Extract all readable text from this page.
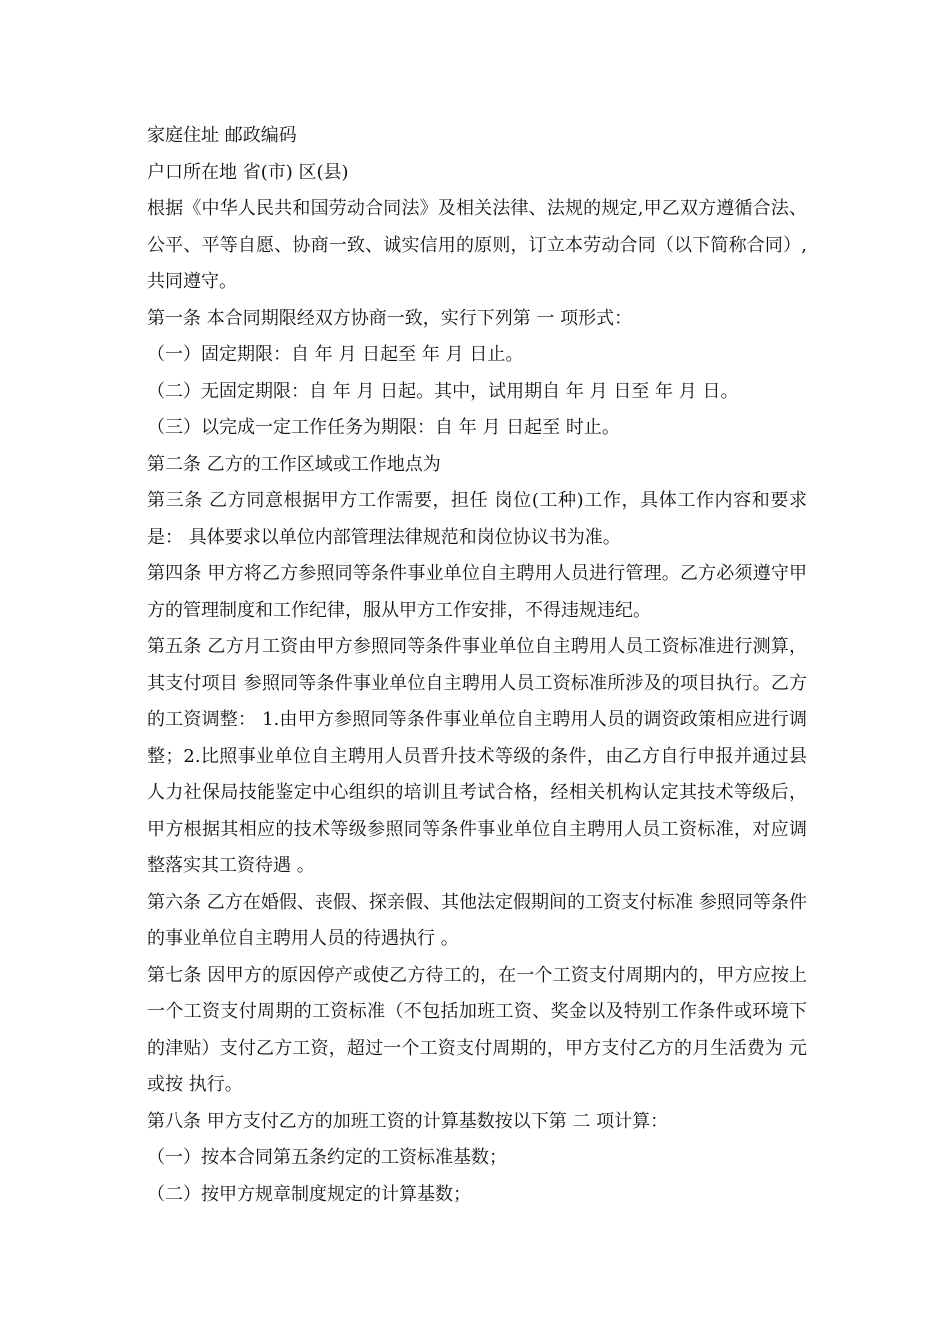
家庭住址 邮政编码

户口所在地 省(市) 区(县)

根据《中华人民共和国劳动合同法》及相关法律、法规的规定,甲乙双方遵循合法、公平、平等自愿、协商一致、诚实信用的原则，订立本劳动合同（以下简称合同）,共同遵守。

第一条 本合同期限经双方协商一致，实行下列第 一 项形式：

（一）固定期限：自 年 月 日起至 年 月 日止。

（二）无固定期限：自 年 月 日起。其中，试用期自 年 月 日至 年 月 日。

（三）以完成一定工作任务为期限：自 年 月 日起至 时止。

第二条 乙方的工作区域或工作地点为

第三条 乙方同意根据甲方工作需要，担任 岗位(工种)工作，具体工作内容和要求是： 具体要求以单位内部管理法律规范和岗位协议书为准。

第四条 甲方将乙方参照同等条件事业单位自主聘用人员进行管理。乙方必须遵守甲方的管理制度和工作纪律，服从甲方工作安排，不得违规违纪。

第五条 乙方月工资由甲方参照同等条件事业单位自主聘用人员工资标准进行测算，其支付项目 参照同等条件事业单位自主聘用人员工资标准所涉及的项目执行。乙方的工资调整： 1.由甲方参照同等条件事业单位自主聘用人员的调资政策相应进行调整；2.比照事业单位自主聘用人员晋升技术等级的条件，由乙方自行申报并通过县人力社保局技能鉴定中心组织的培训且考试合格，经相关机构认定其技术等级后，甲方根据其相应的技术等级参照同等条件事业单位自主聘用人员工资标准，对应调整落实其工资待遇 。

第六条 乙方在婚假、丧假、探亲假、其他法定假期间的工资支付标准 参照同等条件的事业单位自主聘用人员的待遇执行 。

第七条 因甲方的原因停产或使乙方待工的，在一个工资支付周期内的，甲方应按上一个工资支付周期的工资标准（不包括加班工资、奖金以及特别工作条件或环境下的津贴）支付乙方工资，超过一个工资支付周期的，甲方支付乙方的月生活费为 元或按 执行。

第八条 甲方支付乙方的加班工资的计算基数按以下第 二 项计算：

（一）按本合同第五条约定的工资标准基数；

（二）按甲方规章制度规定的计算基数；
